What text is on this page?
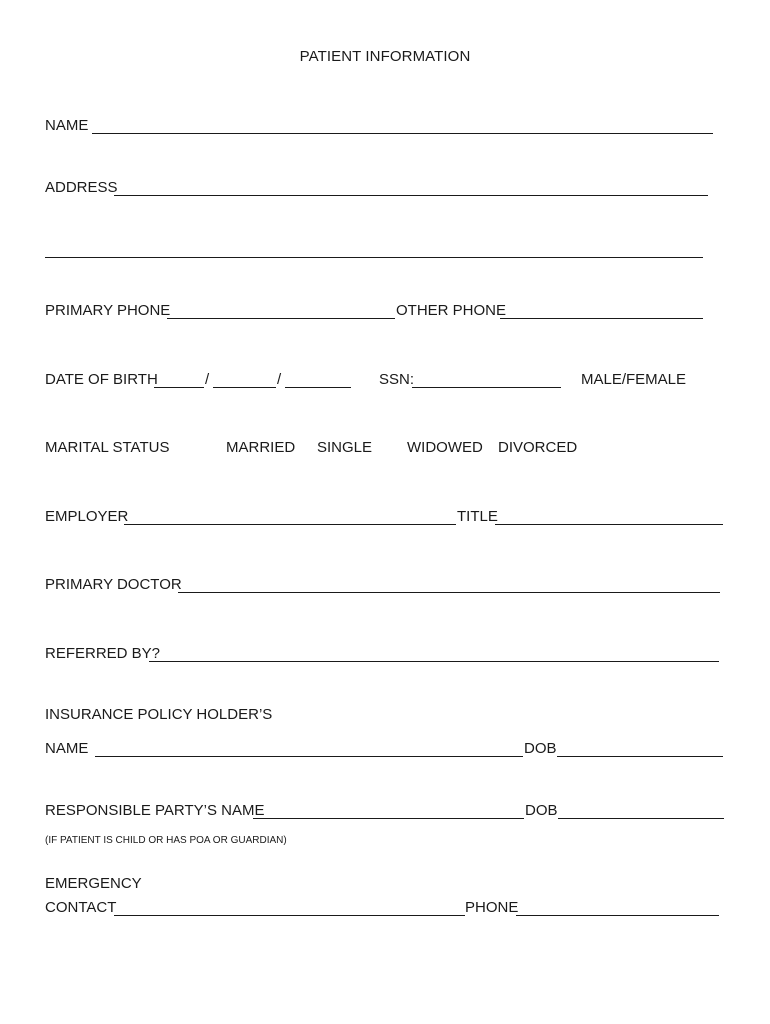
PATIENT INFORMATION
NAME
ADDRESS
PRIMARY PHONE	OTHER PHONE
DATE OF BIRTH	/	/	SSN:	MALE/FEMALE
MARITAL STATUS	MARRIED SINGLE WIDOWED DIVORCED
EMPLOYER	TITLE
PRIMARY DOCTOR
REFERRED BY?
INSURANCE POLICY HOLDER’S
NAME	DOB
RESPONSIBLE PARTY’S NAME	DOB
(IF PATIENT IS CHILD OR HAS POA OR GUARDIAN)
EMERGENCY
CONTACT	PHONE
